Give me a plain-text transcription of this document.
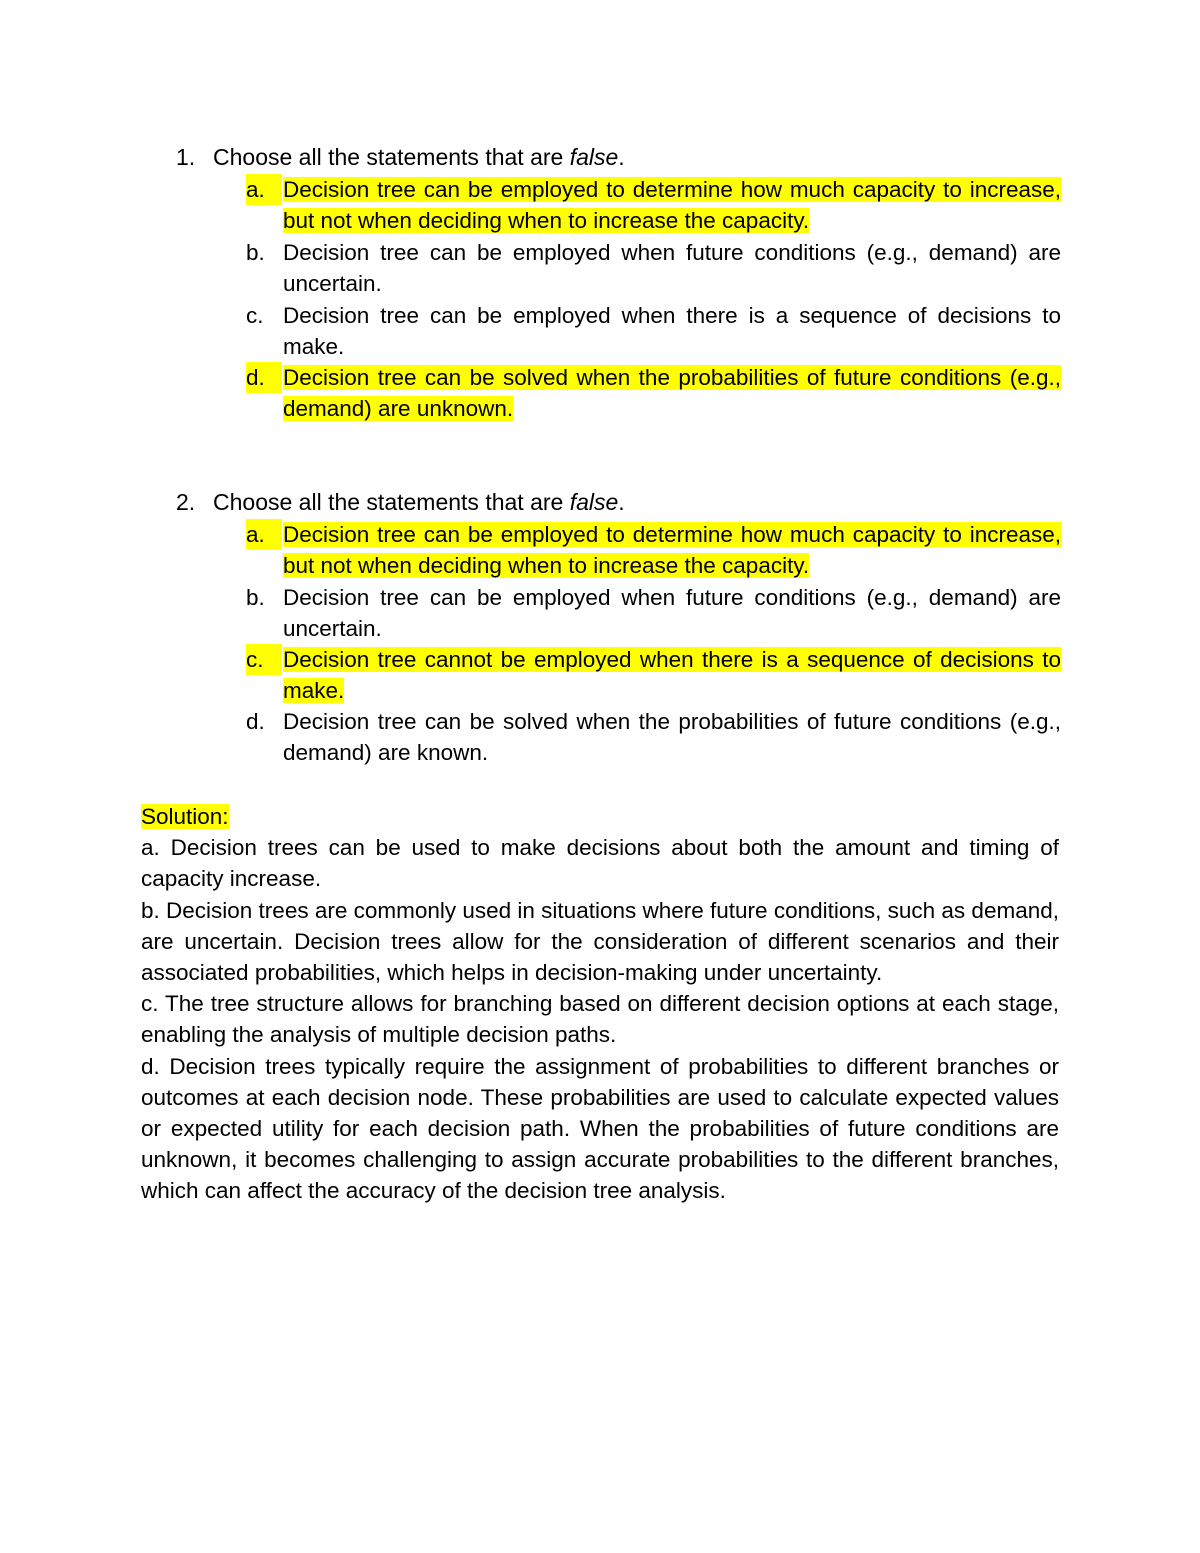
1. Choose all the statements that are false.
a. Decision tree can be employed to determine how much capacity to increase, but not when deciding when to increase the capacity.
b. Decision tree can be employed when future conditions (e.g., demand) are uncertain.
c. Decision tree can be employed when there is a sequence of decisions to make.
d. Decision tree can be solved when the probabilities of future conditions (e.g., demand) are unknown.
2. Choose all the statements that are false.
a. Decision tree can be employed to determine how much capacity to increase, but not when deciding when to increase the capacity.
b. Decision tree can be employed when future conditions (e.g., demand) are uncertain.
c. Decision tree cannot be employed when there is a sequence of decisions to make.
d. Decision tree can be solved when the probabilities of future conditions (e.g., demand) are known.
Solution:
a. Decision trees can be used to make decisions about both the amount and timing of capacity increase.
b. Decision trees are commonly used in situations where future conditions, such as demand, are uncertain. Decision trees allow for the consideration of different scenarios and their associated probabilities, which helps in decision-making under uncertainty.
c. The tree structure allows for branching based on different decision options at each stage, enabling the analysis of multiple decision paths.
d. Decision trees typically require the assignment of probabilities to different branches or outcomes at each decision node. These probabilities are used to calculate expected values or expected utility for each decision path. When the probabilities of future conditions are unknown, it becomes challenging to assign accurate probabilities to the different branches, which can affect the accuracy of the decision tree analysis.
